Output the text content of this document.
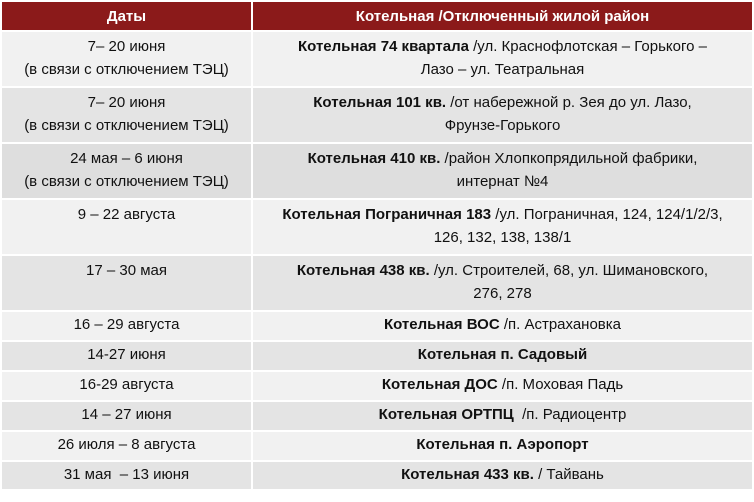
Даты	Котельная /Отключенный жилой район

7– 20 июня
(в связи с отключением ТЭЦ)	Котельная 74 квартала /ул. Краснофлотская – Горького –
Лазо – ул. Театральная

7– 20 июня
(в связи с отключением ТЭЦ)	Котельная 101 кв. /от набережной р. Зея до ул. Лазо,
Фрунзе-Горького

24 мая – 6 июня
(в связи с отключением ТЭЦ)	Котельная 410 кв. /район Хлопкопрядильной фабрики,
интернат №4

9 – 22 августа	Котельная Пограничная 183 /ул. Пограничная, 124, 124/1/2/3,
126, 132, 138, 138/1

17 – 30 мая	Котельная 438 кв. /ул. Строителей, 68, ул. Шимановского,
276, 278

16 – 29 августа	Котельная ВОС /п. Астрахановка
14-27 июня	Котельная п. Садовый
16-29 августа	Котельная ДОС /п. Моховая Падь
14 – 27 июня	Котельная ОРТПЦ  /п. Радиоцентр
26 июля – 8 августа	Котельная п. Аэропорт
31 мая  – 13 июня	Котельная 433 кв. / Тайвань
